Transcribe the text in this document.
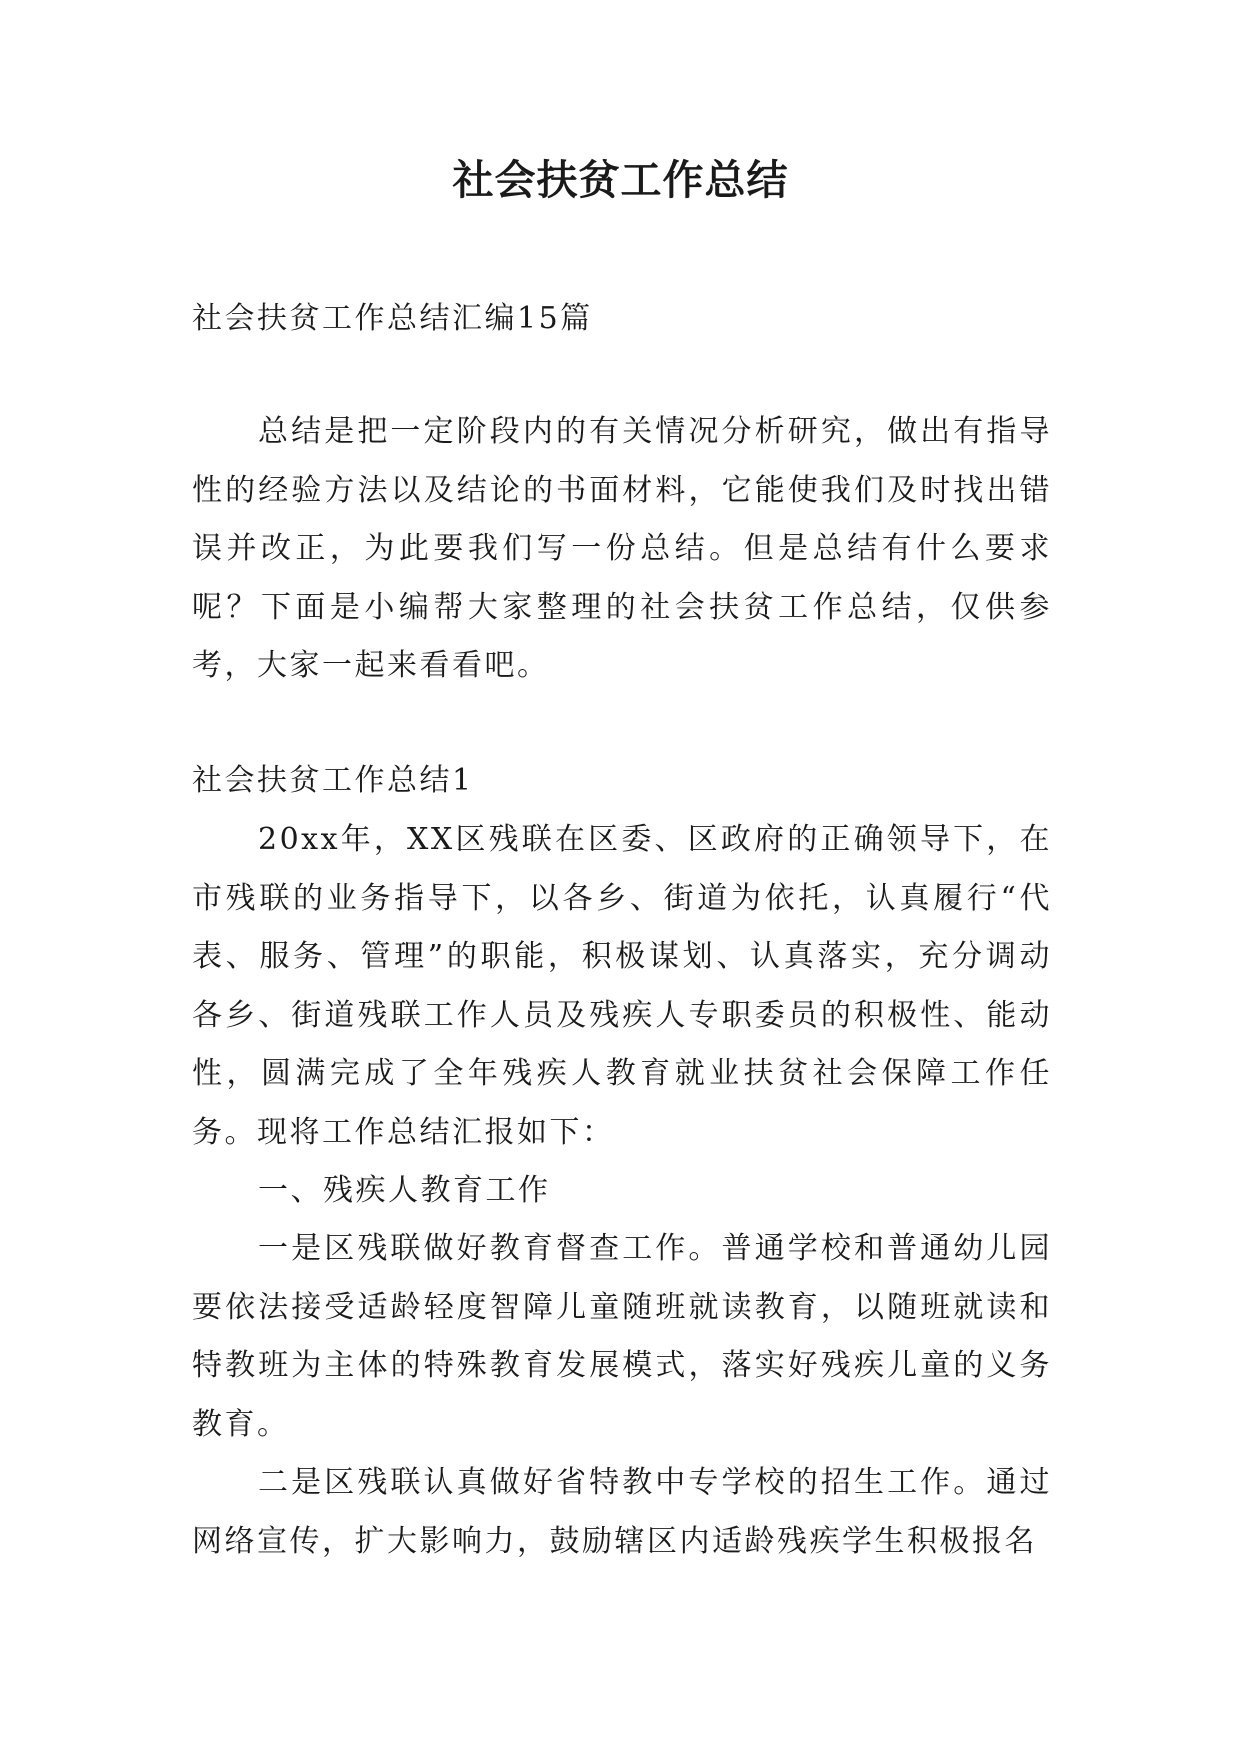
社会扶贫工作总结

社会扶贫工作总结汇编15篇

总结是把一定阶段内的有关情况分析研究，做出有指导性的经验方法以及结论的书面材料，它能使我们及时找出错误并改正，为此要我们写一份总结。但是总结有什么要求呢？下面是小编帮大家整理的社会扶贫工作总结，仅供参考，大家一起来看看吧。

社会扶贫工作总结1

20xx年，XX区残联在区委、区政府的正确领导下，在市残联的业务指导下，以各乡、街道为依托，认真履行“代表、服务、管理”的职能，积极谋划、认真落实，充分调动各乡、街道残联工作人员及残疾人专职委员的积极性、能动性，圆满完成了全年残疾人教育就业扶贫社会保障工作任务。现将工作总结汇报如下：

一、残疾人教育工作

一是区残联做好教育督查工作。普通学校和普通幼儿园要依法接受适龄轻度智障儿童随班就读教育，以随班就读和特教班为主体的特殊教育发展模式，落实好残疾儿童的义务教育。

二是区残联认真做好省特教中专学校的招生工作。通过网络宣传，扩大影响力，鼓励辖区内适龄残疾学生积极报名
